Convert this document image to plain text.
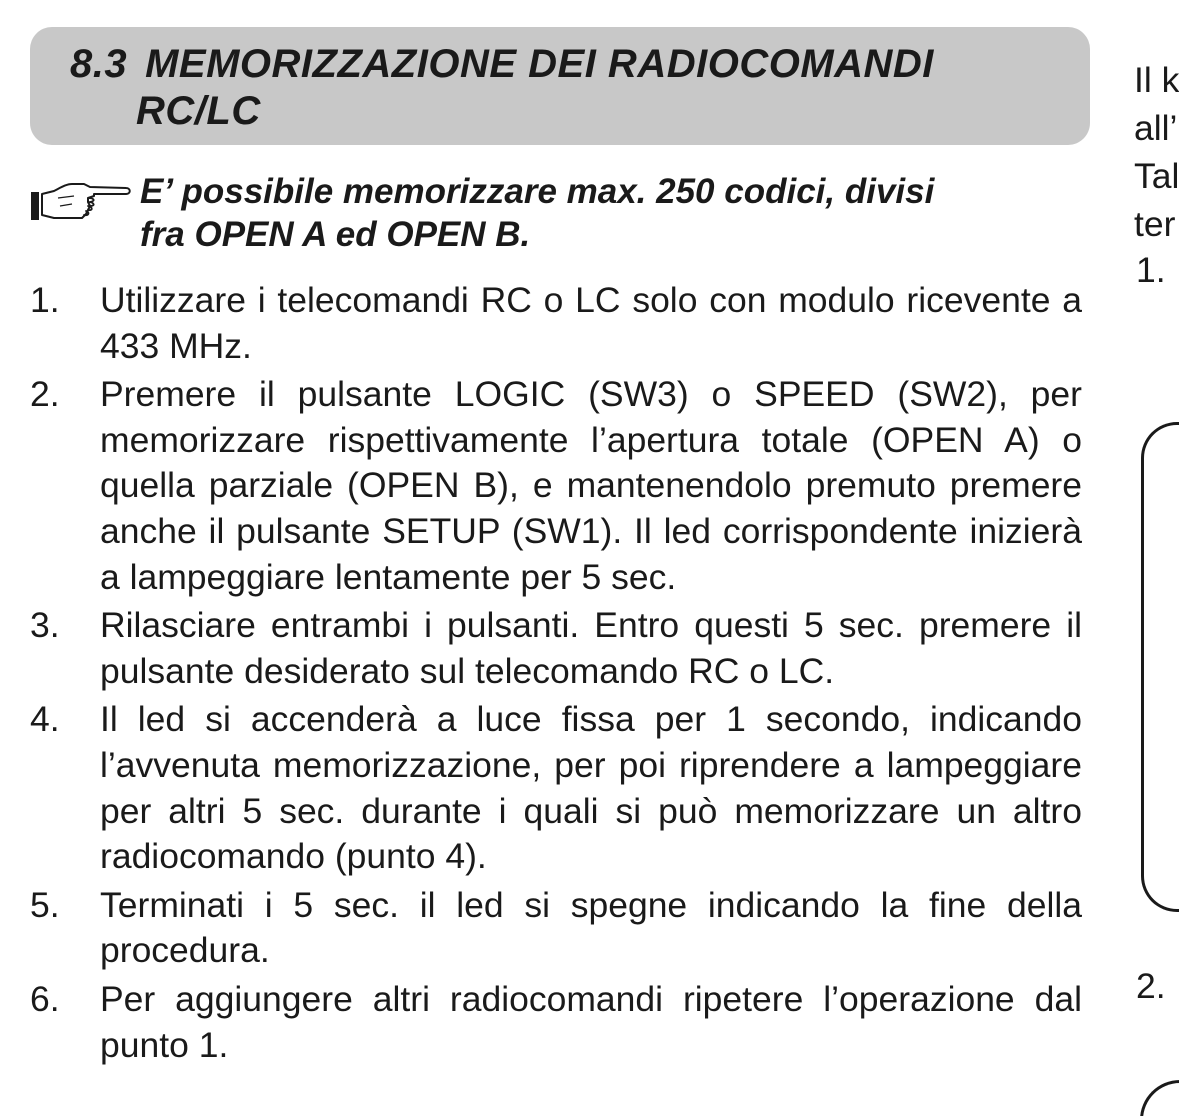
8.3 MEMORIZZAZIONE DEI RADIOCOMANDI
RC/LC

E’ possibile memorizzare max. 250 codici, divisi
fra OPEN A ed OPEN B.

1. Utilizzare i telecomandi RC o LC solo con modulo ricevente a 433 MHz.
2. Premere il pulsante LOGIC (SW3) o SPEED (SW2), per memorizzare rispettivamente l’apertura totale (OPEN A) o quella parziale (OPEN B), e mantenendolo premuto premere anche il pulsante SETUP (SW1). Il led corrispondente inizierà a lampeggiare lentamente per 5 sec.
3. Rilasciare entrambi i pulsanti. Entro questi 5 sec. premere il pulsante desiderato sul telecomando RC o LC.
4. Il led si accenderà a luce fissa per 1 secondo, indicando l’avvenuta memorizzazione, per poi riprendere a lampeggiare per altri 5 sec. durante i quali si può memorizzare un altro radiocomando (punto 4).
5. Terminati i 5 sec. il led si spegne indicando la fine della procedura.
6. Per aggiungere altri radiocomandi ripetere l’operazione dal punto 1.
Il k
all’
Tal
ter
1.
2.
